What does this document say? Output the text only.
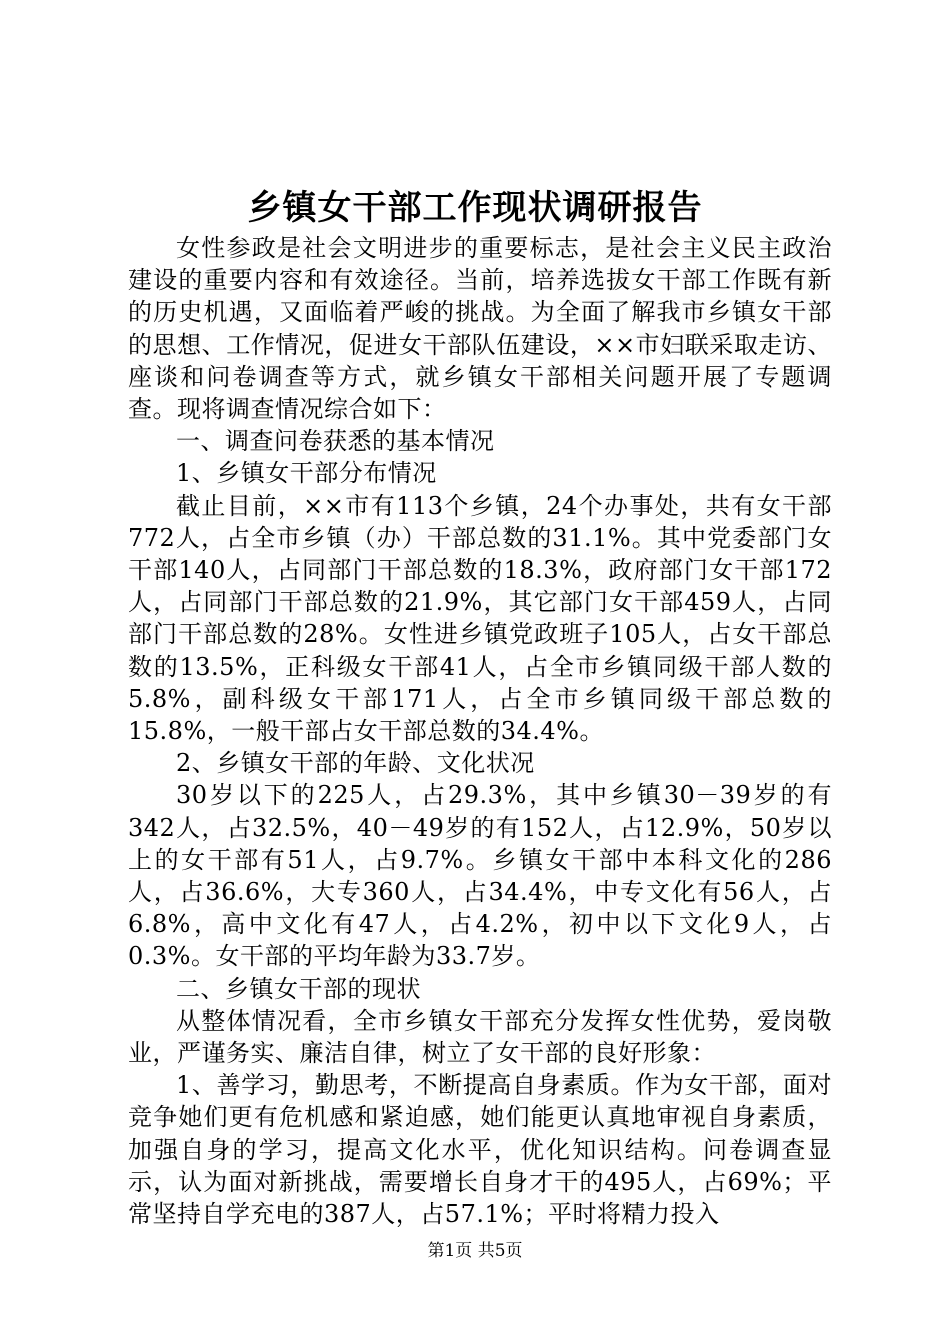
乡镇女干部工作现状调研报告

女性参政是社会文明进步的重要标志，是社会主义民主政治建设的重要内容和有效途径。当前，培养选拔女干部工作既有新的历史机遇，又面临着严峻的挑战。为全面了解我市乡镇女干部的思想、工作情况，促进女干部队伍建设，××市妇联采取走访、座谈和问卷调查等方式，就乡镇女干部相关问题开展了专题调查。现将调查情况综合如下：

一、调查问卷获悉的基本情况

1、乡镇女干部分布情况

截止目前，××市有113个乡镇，24个办事处，共有女干部772人，占全市乡镇（办）干部总数的31.1%。其中党委部门女干部140人，占同部门干部总数的18.3%，政府部门女干部172人，占同部门干部总数的21.9%，其它部门女干部459人，占同部门干部总数的28%。女性进乡镇党政班子105人，占女干部总数的13.5%，正科级女干部41人，占全市乡镇同级干部人数的5.8%，副科级女干部171人，占全市乡镇同级干部总数的15.8%，一般干部占女干部总数的34.4%。

2、乡镇女干部的年龄、文化状况

30岁以下的225人，占29.3%，其中乡镇30－39岁的有342人，占32.5%，40－49岁的有152人，占12.9%，50岁以上的女干部有51人，占9.7%。乡镇女干部中本科文化的286人，占36.6%，大专360人，占34.4%，中专文化有56人，占6.8%，高中文化有47人，占4.2%，初中以下文化9人，占0.3%。女干部的平均年龄为33.7岁。

二、乡镇女干部的现状

从整体情况看，全市乡镇女干部充分发挥女性优势，爱岗敬业，严谨务实、廉洁自律，树立了女干部的良好形象：

1、善学习，勤思考，不断提高自身素质。作为女干部，面对竞争她们更有危机感和紧迫感，她们能更认真地审视自身素质，加强自身的学习，提高文化水平，优化知识结构。问卷调查显示，认为面对新挑战，需要增长自身才干的495人，占69%；平常坚持自学充电的387人，占57.1%；平时将精力投入

第1页 共5页
